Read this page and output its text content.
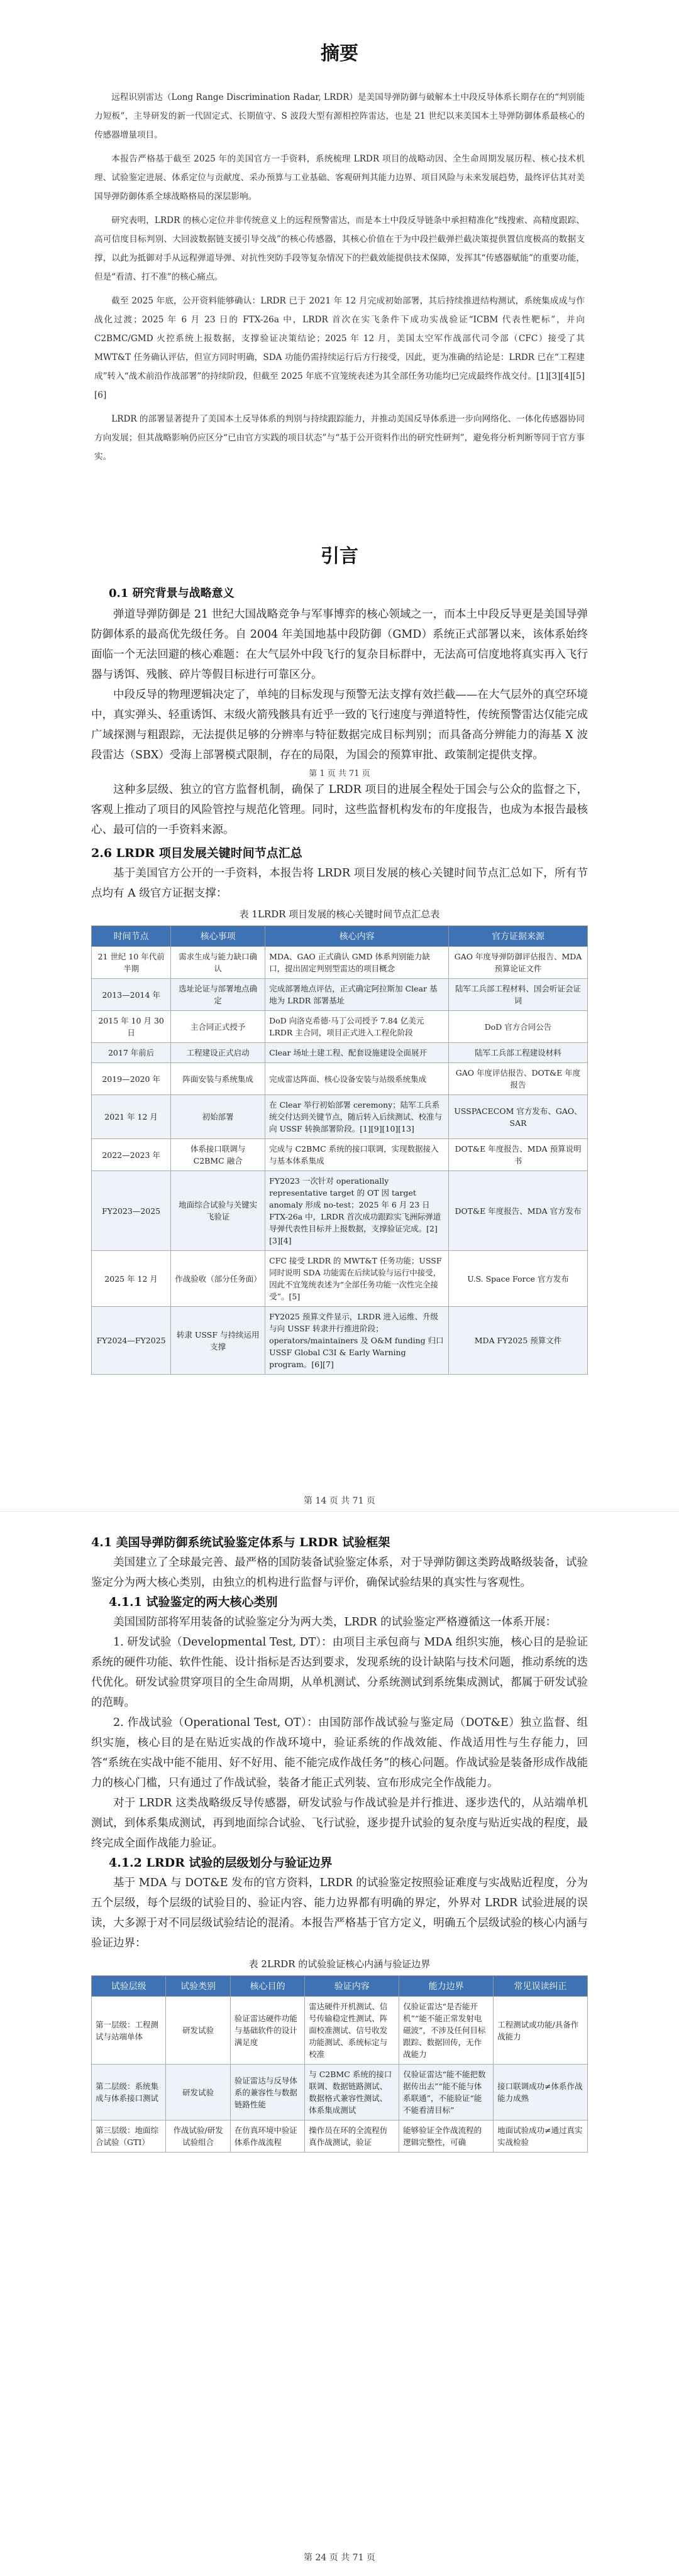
摘要

远程识别雷达（Long Range Discrimination Radar, LRDR）是美国导弹防御与破解本土中段反导体系长期存在的“判别能力短板”，主导研发的新一代固定式、长期值守、S 波段大型有源相控阵雷达，也是 21 世纪以来美国本土导弹防御体系最核心的传感器增量项目。

本报告严格基于截至 2025 年的美国官方一手资料，系统梳理 LRDR 项目的战略动因、全生命周期发展历程、核心技术机理、试验鉴定进展、体系定位与贡献度、采办预算与工业基础、客观研判其能力边界、项目风险与未来发展趋势，最终评估其对美国导弹防御体系全球战略格局的深层影响。

研究表明，LRDR 的核心定位并非传统意义上的远程预警雷达，而是本土中段反导链条中承担精准化“线搜索、高精度跟踪、高可信度目标判别、大回波数据链支援引导交战”的核心传感器，其核心价值在于为中段拦截弹拦截决策提供置信度极高的数据支撑，以此为抵御对手从远程弹道导弹、对抗性突防手段等复杂情况下的拦截效能提供技术保障，发挥其“传感器赋能”的重要功能，但是“看清、打不准”的核心痛点。

截至 2025 年底，公开资料能够确认：LRDR 已于 2021 年 12 月完成初始部署，其后持续推进结构测试，系统集成成与作战化过渡；2025 年 6 月 23 日的 FTX-26a 中，LRDR 首次在实飞条件下成功实战验证“ICBM 代表性靶标”，并向 C2BMC/GMD 火控系统上报数据，支撑验证决策结论；2025 年 12 月，美国太空军作战部代司令部（CFC）接受了其 MWT&T 任务确认评估，但宣方同时明确，SDA 功能仍需持续运行后方行接受，因此，更为准确的结论是：LRDR 已在“工程建成”转入“战术前沿作战部署”的持续阶段，但截至 2025 年底不宜笼统表述为其全部任务功能均已完成最终作战交付。[1][3][4][5][6]

LRDR 的部署显著提升了美国本土反导体系的判别与持续跟踪能力，并推动美国反导体系进一步向网络化、一体化传感器协同方向发展；但其战略影响仍应区分“已由官方实践的项目状态”与“基于公开资料作出的研究性研判”，避免将分析判断等同于官方事实。

引言
0.1 研究背景与战略意义

弹道导弹防御是 21 世纪大国战略竞争与军事博弈的核心领域之一，而本土中段反导更是美国导弹防御体系的最高优先级任务。自 2004 年美国地基中段防御（GMD）系统正式部署以来，该体系始终面临一个无法回避的核心难题：在大气层外中段飞行的复杂目标群中，无法高可信度地将真实再入飞行器与诱饵、残骸、碎片等假目标进行可靠区分。

中段反导的物理逻辑决定了，单纯的目标发现与预警无法支撑有效拦截——在大气层外的真空环境中，真实弹头、轻重诱饵、末级火箭残骸具有近乎一致的飞行速度与弹道特性，传统预警雷达仅能完成广域探测与粗跟踪，无法提供足够的分辨率与特征数据完成目标判别；而具备高分辨能力的海基 X 波段雷达（SBX）受海上部署模式限制，存在的局限，为国会的预算审批、政策制定提供支撑。

第 1 页 共 71 页

这种多层级、独立的官方监督机制，确保了 LRDR 项目的进展全程处于国会与公众的监督之下，客观上推动了项目的风险管控与规范化管理。同时，这些监督机构发布的年度报告，也成为本报告最核心、最可信的一手资料来源。

2.6 LRDR 项目发展关键时间节点汇总

基于美国官方公开的一手资料，本报告将 LRDR 项目发展的核心关键时间节点汇总如下，所有节点均有 A 级官方证据支撑：

表 1LRDR 项目发展的核心关键时间节点汇总表
时间节点	核心事项	核心内容	官方证据来源
21 世纪 10 年代前半期	需求生成与能力缺口确认	MDA、GAO 正式确认 GMD 体系判别能力缺口，提出固定判别型雷达的项目概念	GAO 年度导弹防御评估报告、MDA 预算论证文件
2013—2014 年	选址论证与部署地点确定	完成部署地点评估，正式确定阿拉斯加 Clear 基地为 LRDR 部署基址	陆军工兵部工程材料、国会听证会证词
2015 年 10 月 30 日	主合同正式授予	DoD 向洛克希德·马丁公司授予 7.84 亿美元 LRDR 主合同，项目正式进入工程化阶段	DoD 官方合同公告
2017 年前后	工程建设正式启动	Clear 场址土建工程、配套设施建设全面展开	陆军工兵部工程建设材料
2019—2020 年	阵面安装与系统集成	完成雷达阵面、核心设备安装与站级系统集成	GAO 年度评估报告、DOT&E 年度报告
2021 年 12 月	初始部署	在 Clear 举行初始部署 ceremony；陆军工兵系统交付达到关键节点，随后转入后续测试、校准与向 USSF 转换部署阶段。[1][9][10][13]	USSPACECOM 官方发布、GAO、SAR
2022—2023 年	体系接口联调与 C2BMC 融合	完成与 C2BMC 系统的接口联调，实现数据接入与基本体系集成	DOT&E 年度报告、MDA 预算说明书
FY2023—2025	地面综合试验与关键实飞验证	FY2023 一次针对 operationally representative target 的 OT 因 target anomaly 形成 no-test；2025 年 6 月 23 日 FTX-26a 中，LRDR 首次成功跟踪实飞洲际弹道导弹代表性目标并上报数据，支撑验证完成。[2][3][4]	DOT&E 年度报告、MDA 官方发布
2025 年 12 月	作战验收（部分任务面）	CFC 接受 LRDR 的 MWT&T 任务功能；USSF 同时说明 SDA 功能需在后续试验与运行中接受，因此不宜笼统表述为“全部任务功能一次性完全接受”。[5]	U.S. Space Force 官方发布
FY2024—FY2025	转隶 USSF 与持续运用支撑	FY2025 预算文件显示，LRDR 进入运维、升级与向 USSF 转隶并行推进阶段；operators/maintainers 及 O&M funding 归口 USSF Global C3I & Early Warning program。[6][7]	MDA FY2025 预算文件
第 14 页 共 71 页
4.1 美国导弹防御系统试验鉴定体系与 LRDR 试验框架

美国建立了全球最完善、最严格的国防装备试验鉴定体系，对于导弹防御这类跨战略级装备，试验鉴定分为两大核心类别，由独立的机构进行监督与评价，确保试验结果的真实性与客观性。

4.1.1 试验鉴定的两大核心类别

美国国防部将军用装备的试验鉴定分为两大类，LRDR 的试验鉴定严格遵循这一体系开展：

1. 研发试验（Developmental Test, DT）：由项目主承包商与 MDA 组织实施，核心目的是验证系统的硬件功能、软件性能、设计指标是否达到要求，发现系统的设计缺陷与技术问题，推动系统的迭代优化。研发试验贯穿项目的全生命周期，从单机测试、分系统测试到系统集成测试，都属于研发试验的范畴。

2. 作战试验（Operational Test, OT）：由国防部作战试验与鉴定局（DOT&E）独立监督、组织实施，核心目的是在贴近实战的作战环境中，验证系统的作战效能、作战适用性与生存能力，回答“系统在实战中能不能用、好不好用、能不能完成作战任务”的核心问题。作战试验是装备形成作战能力的核心门槛，只有通过了作战试验，装备才能正式列装、宣布形成完全作战能力。

对于 LRDR 这类战略级反导传感器，研发试验与作战试验是并行推进、逐步迭代的，从站端单机测试，到体系集成测试，再到地面综合试验、飞行试验，逐步提升试验的复杂度与贴近实战的程度，最终完成全面作战能力验证。

4.1.2 LRDR 试验的层级划分与验证边界

基于 MDA 与 DOT&E 发布的官方资料，LRDR 的试验鉴定按照验证难度与实战贴近程度，分为五个层级，每个层级的试验目的、验证内容、能力边界都有明确的界定，外界对 LRDR 试验进展的误读，大多源于对不同层级试验结论的混淆。本报告严格基于官方定义，明确五个层级试验的核心内涵与验证边界：

表 2LRDR 的试验验证核心内涵与验证边界
试验层级	试验类别	核心目的	验证内容	能力边界	常见误读纠正
第一层级：工程测试与站端单体	研发试验	验证雷达硬件功能与基础软件的设计满足度	雷达硬件开机测试、信号传输稳定性测试、阵面校准测试、信号收发功能测试、系统标定与校准	仅验证雷达“是否能开机”“能不能正常发射电磁波”，不涉及任何目标跟踪、数据回传，无作战能力	工程测试或功能/具备作战能力
第二层级：系统集成与体系接口测试	研发试验	验证雷达与反导体系的兼容性与数据链路性能	与 C2BMC 系统的接口联调、数据链路测试、数据格式兼容性测试、体系集成测试	仅验证雷达“能不能把数据传出去”“能不能与体系联通”，不能验证“能不能看清目标”	接口联调成功≠体系作战能力成熟
第三层级：地面综合试验（GTI）	作战试验/研发试验组合	在仿真环境中验证体系作战流程	操作员在环的全流程仿真作战测试，验证	能够验证全作战流程的逻辑完整性，可确	地面试验成功≠通过真实实战检验
第 24 页 共 71 页
